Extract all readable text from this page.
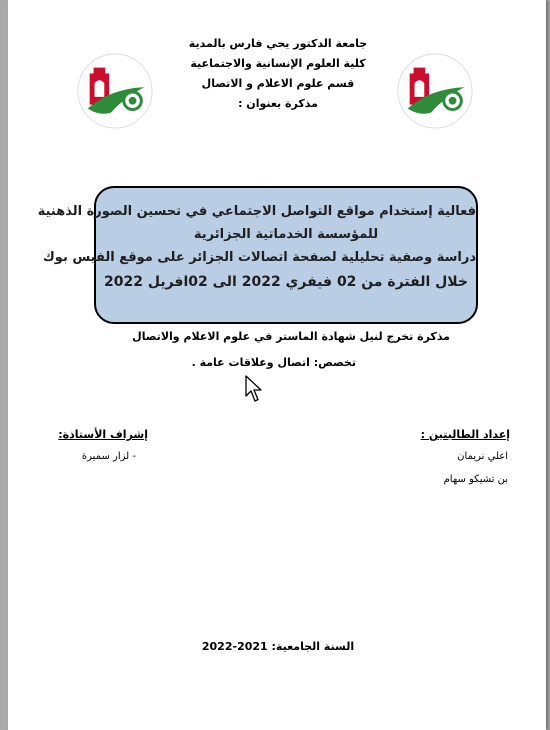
جامعة الدكتور يحي فارس بالمدية
كلية العلوم الإنسانية والاجتماعية
قسم علوم الاعلام و الاتصال
مذكرة بعنوان :
فعالية إستخدام مواقع التواصل الاجتماعي في تحسين الصورة الذهنية
للمؤسسة الخدماتية الجزائرية
دراسة وصفية تحليلية لصفحة اتصالات الجزائر على موقع الفيس بوك
خلال الفترة من 02 فيفري 2022 الى 02افريل 2022
مذكرة تخرج لنيل شهادة الماستر في علوم الاعلام والاتصال
تخصص: اتصال وعلاقات عامة .
إعداد الطالبتين :
اعلي نريمان
بن تشيكو سهام
إشراف الأستاذة:
- لزار سميرة
السنة الجامعية: 2021-2022
